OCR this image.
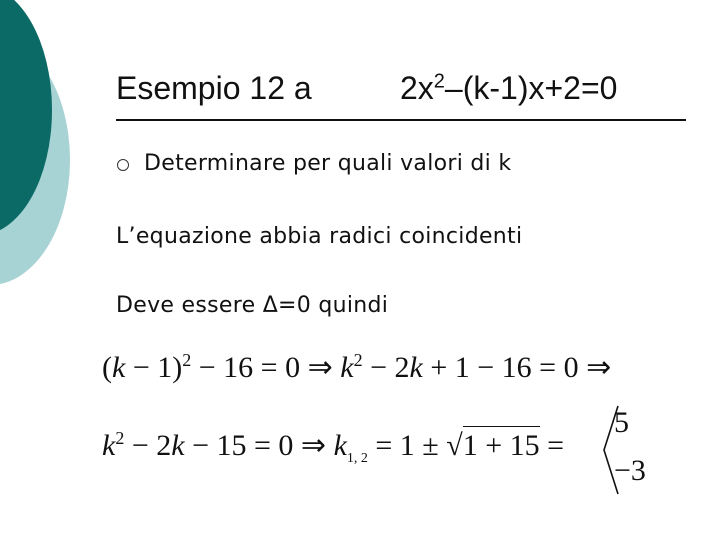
Esempio 12 a	$2x^2-(k-1)x+2=0$
Determinare per quali valori di k
L’equazione abbia radici coincidenti
Deve essere Δ=0 quindi
$(k - 1)^2 - 16 = 0$ ⇒ $k^2 - 2k + 1 - 16 = 0$ ⇒
$k^2 - 2k - 15 = 0$ ⇒ $k_{1, 2} = 1 \pm √1 + 15$ =
5
−3
